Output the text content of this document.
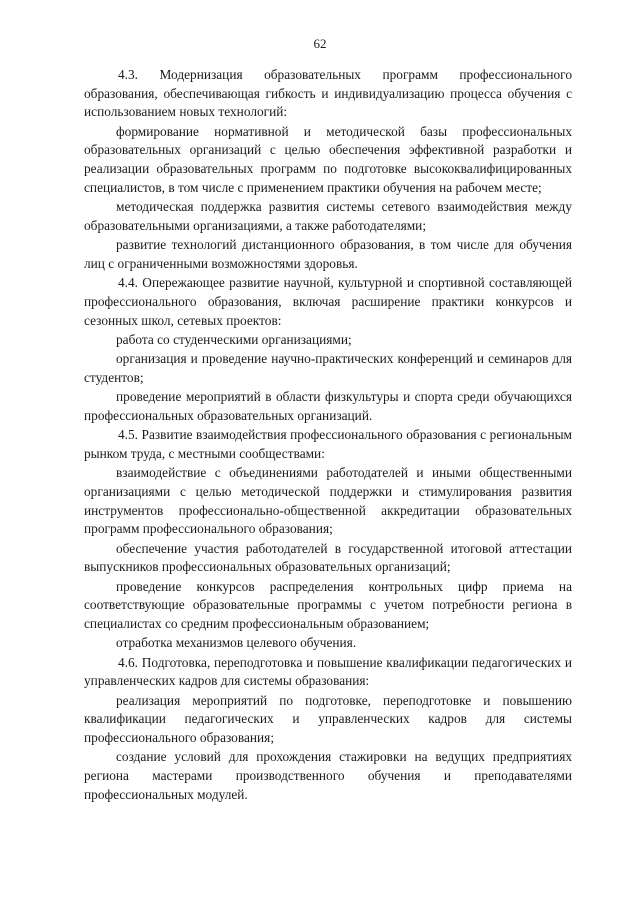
62

4.3. Модернизация образовательных программ профессионального образования, обеспечивающая гибкость и индивидуализацию процесса обучения с использованием новых технологий:

формирование нормативной и методической базы профессиональных образовательных организаций с целью обеспечения эффективной разработки и реализации образовательных программ по подготовке высококвалифицированных специалистов, в том числе с применением практики обучения на рабочем месте;

методическая поддержка развития системы сетевого взаимодействия между образовательными организациями, а также работодателями;

развитие технологий дистанционного образования, в том числе для обучения лиц с ограниченными возможностями здоровья.

4.4. Опережающее развитие научной, культурной и спортивной составляющей профессионального образования, включая расширение практики конкурсов и сезонных школ, сетевых проектов:

работа со студенческими организациями;

организация и проведение научно-практических конференций и семинаров для студентов;

проведение мероприятий в области физкультуры и спорта среди обучающихся профессиональных образовательных организаций.

4.5. Развитие взаимодействия профессионального образования с региональным рынком труда, с местными сообществами:

взаимодействие с объединениями работодателей и иными общественными организациями с целью методической поддержки и стимулирования развития инструментов профессионально-общественной аккредитации образовательных программ профессионального образования;

обеспечение участия работодателей в государственной итоговой аттестации выпускников профессиональных образовательных организаций;

проведение конкурсов распределения контрольных цифр приема на соответствующие образовательные программы с учетом потребности региона в специалистах со средним профессиональным образованием;

отработка механизмов целевого обучения.

4.6. Подготовка, переподготовка и повышение квалификации педагогических и управленческих кадров для системы образования:

реализация мероприятий по подготовке, переподготовке и повышению квалификации педагогических и управленческих кадров для системы профессионального образования;

создание условий для прохождения стажировки на ведущих предприятиях региона мастерами производственного обучения и преподавателями профессиональных модулей.
